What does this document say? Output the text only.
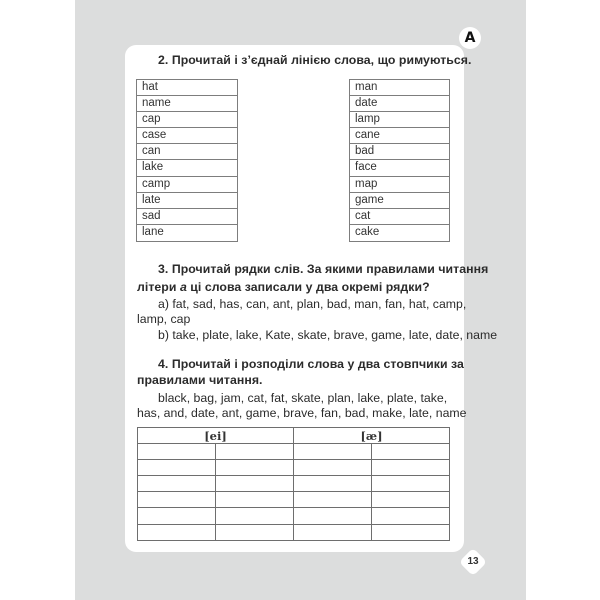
A
2. Прочитай і з’єднай лінією слова, що римуються.
hat
name
cap
case
can
lake
camp
late
sad
lane
man
date
lamp
cane
bad
face
map
game
cat
cake
3. Прочитай рядки слів. За якими правилами читання
літери a ці слова записали у два окремі рядки?
a) fat, sad, has, can, ant, plan, bad, man, fan, hat, camp,
lamp, cap
b) take, plate, lake, Kate, skate, brave, game, late, date, name
4. Прочитай і розподіли слова у два стовпчики за
правилами читання.
black, bag, jam, cat, fat, skate, plan, lake, plate, take,
has, and, date, ant, game, brave, fan, bad, make, late, name
[ei]		[æ]	

13
